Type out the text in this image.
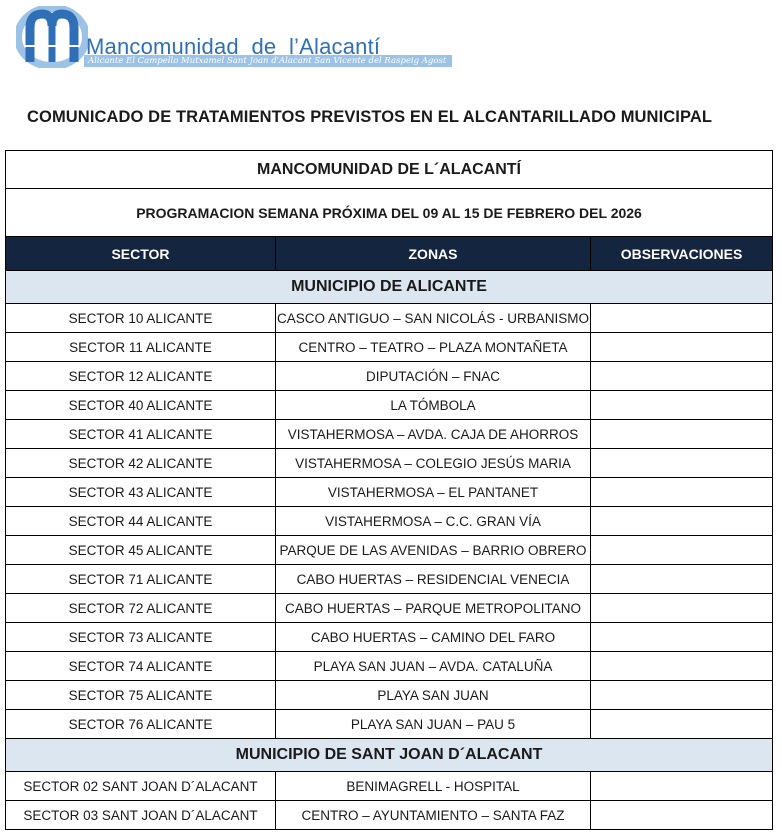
Mancomunidad  de  l’Alacantí
Alicante El Campello Mutxamel Sant Joan d'Alacant San Vicente del Raspeig Agost
COMUNICADO DE TRATAMIENTOS PREVISTOS EN EL ALCANTARILLADO MUNICIPAL
MANCOMUNIDAD DE L´ALACANTÍ		
PROGRAMACION SEMANA PRÓXIMA DEL 09 AL 15 DE FEBRERO DEL 2026		
SECTOR	ZONAS	OBSERVACIONES
MUNICIPIO DE ALICANTE		
SECTOR 10 ALICANTE	CASCO ANTIGUO – SAN NICOLÁS - URBANISMO	
SECTOR 11 ALICANTE	CENTRO – TEATRO – PLAZA MONTAÑETA	
SECTOR 12 ALICANTE	DIPUTACIÓN – FNAC	
SECTOR 40 ALICANTE	LA TÓMBOLA	
SECTOR 41 ALICANTE	VISTAHERMOSA – AVDA. CAJA DE AHORROS	
SECTOR 42 ALICANTE	VISTAHERMOSA – COLEGIO JESÚS MARIA	
SECTOR 43 ALICANTE	VISTAHERMOSA – EL PANTANET	
SECTOR 44 ALICANTE	VISTAHERMOSA – C.C. GRAN VÍA	
SECTOR 45 ALICANTE	PARQUE DE LAS AVENIDAS – BARRIO OBRERO	
SECTOR 71 ALICANTE	CABO HUERTAS – RESIDENCIAL VENECIA	
SECTOR 72 ALICANTE	CABO HUERTAS – PARQUE METROPOLITANO	
SECTOR 73 ALICANTE	CABO HUERTAS – CAMINO DEL FARO	
SECTOR 74 ALICANTE	PLAYA SAN JUAN – AVDA. CATALUÑA	
SECTOR 75 ALICANTE	PLAYA SAN JUAN	
SECTOR 76 ALICANTE	PLAYA SAN JUAN – PAU 5	
MUNICIPIO DE SANT JOAN D´ALACANT		
SECTOR 02 SANT JOAN D´ALACANT	BENIMAGRELL - HOSPITAL	
SECTOR 03 SANT JOAN D´ALACANT	CENTRO – AYUNTAMIENTO – SANTA FAZ	
